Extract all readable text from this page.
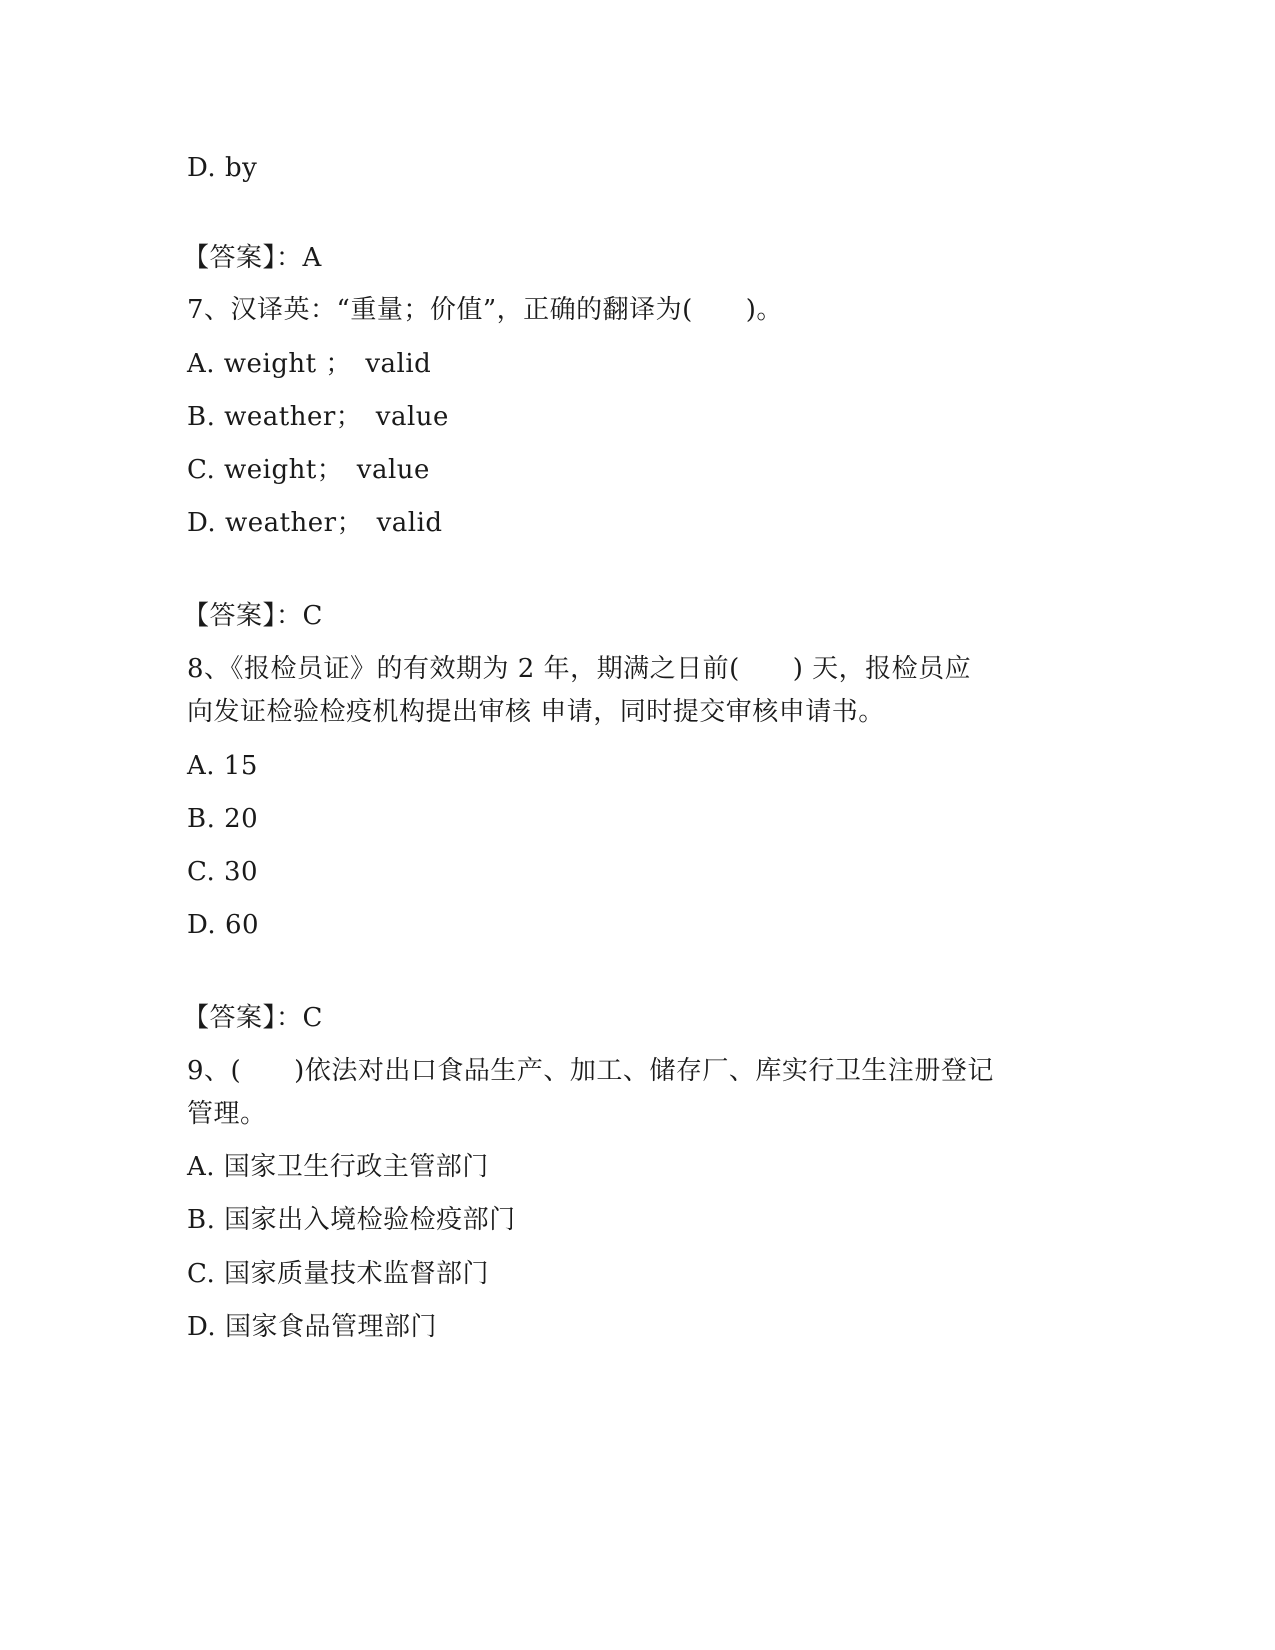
D. by
【答案】：A
7、汉译英：“重量；价值”，正确的翻译为(　　)。
A. weight ；　valid
B. weather；　value
C. weight；　value
D. weather；　valid
【答案】：C
8、《报检员证》的有效期为 2 年，期满之日前(　　) 天，报检员应
向发证检验检疫机构提出审核 申请，同时提交审核申请书。
A. 15
B. 20
C. 30
D. 60
【答案】：C
9、(　　)依法对出口食品生产、加工、储存厂、库实行卫生注册登记
管理。
A. 国家卫生行政主管部门
B. 国家出入境检验检疫部门
C. 国家质量技术监督部门
D. 国家食品管理部门
